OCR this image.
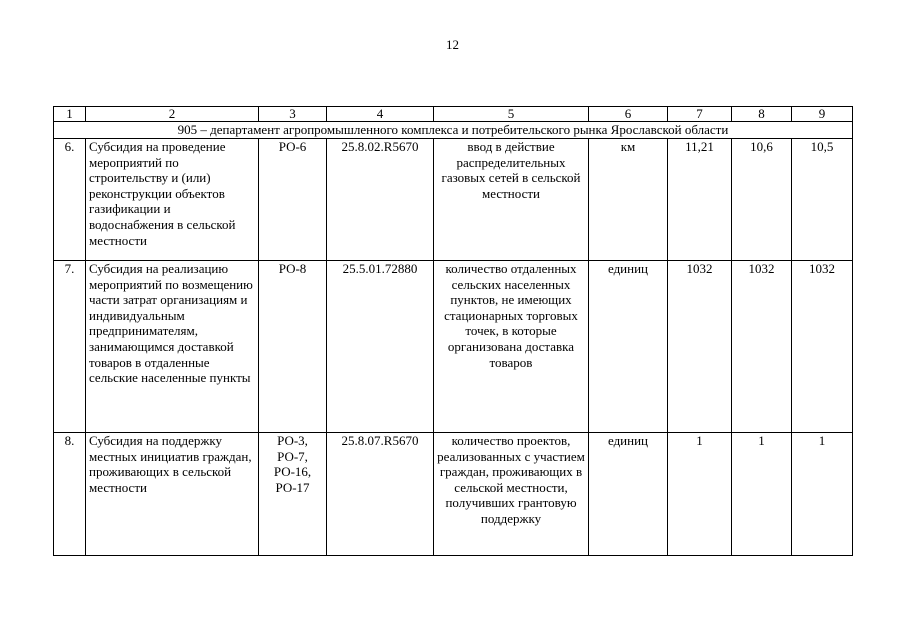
12
1	2	3	4	5	6	7	8	9
905 – департамент агропромышленного комплекса и потребительского рынка Ярославской области								
6.	Субсидия на проведение мероприятий по строительству и (или) реконструкции объектов газификации и водоснабжения в сельской местности	РО-6	25.8.02.R5670	ввод в действие распределительных газовых сетей в сельской местности	км	11,21	10,6	10,5
7.	Субсидия на реализацию мероприятий по возмещению части затрат организациям и индивидуальным предпринимателям, занимающимся доставкой товаров в отдаленные сельские населенные пункты	РО-8	25.5.01.72880	количество отдаленных сельских населенных пунктов, не имеющих стационарных торговых точек, в которые организована доставка товаров	единиц	1032	1032	1032
8.	Субсидия на поддержку местных инициатив граждан, проживающих в сельской местности	РО-3, РО-7, РО-16, РО-17	25.8.07.R5670	количество проектов, реализованных с участием граждан, проживающих в сельской местности, получивших грантовую поддержку	единиц	1	1	1
